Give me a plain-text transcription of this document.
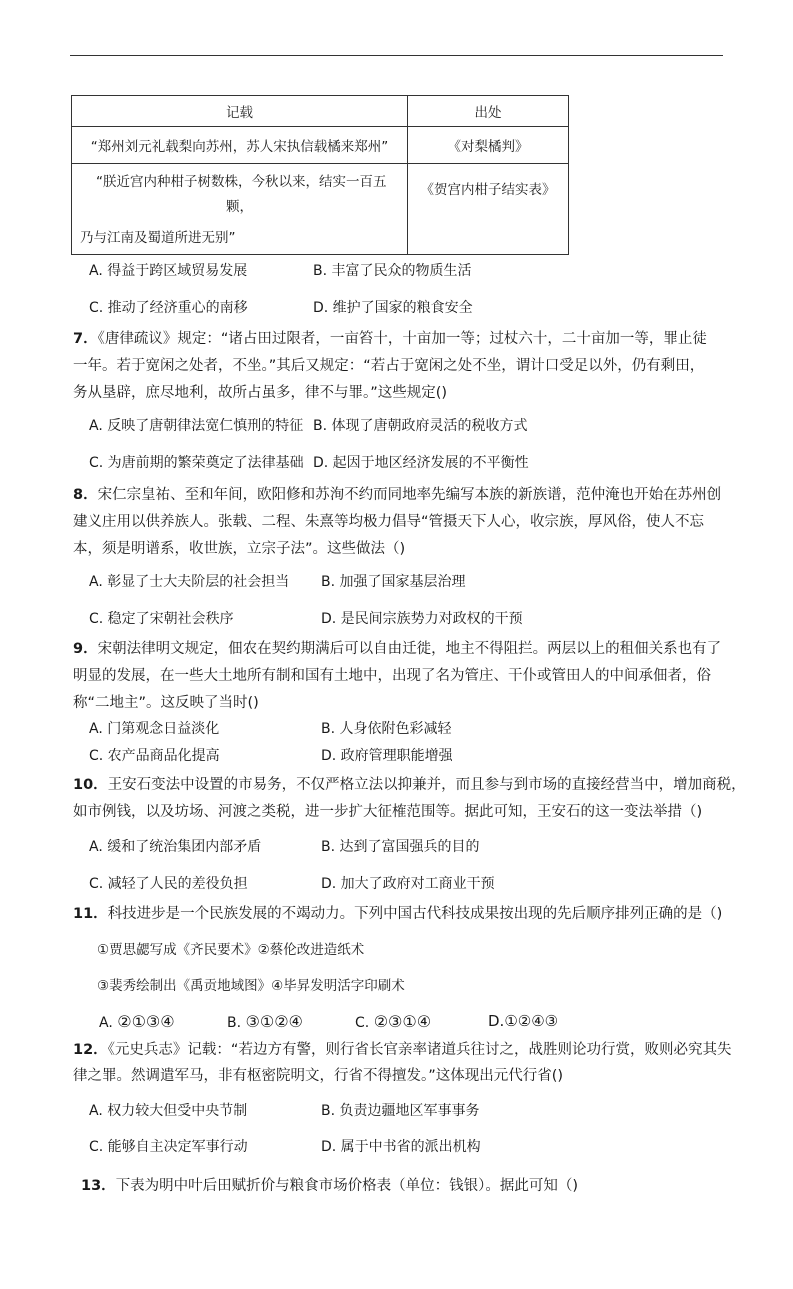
记载	出处
“郑州刘元礼载梨向苏州，苏人宋执信载橘来郑州”	《对梨橘判》

“朕近宫内种柑子树数株，今秋以来，结实一百五
颗，
乃与江南及蜀道所进无别”	《贺宫内柑子结实表》
A. 得益于跨区域贸易发展	B. 丰富了民众的物质生活
C. 推动了经济重心的南移	D. 维护了国家的粮食安全
7．《唐律疏议》规定：“诸占田过限者，一亩笞十，十亩加一等；过杖六十，二十亩加一等，罪止徒
一年。若于宽闲之处者，不坐。”其后又规定：“若占于宽闲之处不坐，谓计口受足以外，仍有剩田，
务从垦辟，庶尽地利，故所占虽多，律不与罪。”这些规定()
A. 反映了唐朝律法宽仁慎刑的特征 B. 体现了唐朝政府灵活的税收方式
C. 为唐前期的繁荣奠定了法律基础 D. 起因于地区经济发展的不平衡性
8．宋仁宗皇祐、至和年间，欧阳修和苏洵不约而同地率先编写本族的新族谱，范仲淹也开始在苏州创
建义庄用以供养族人。张载、二程、朱熹等均极力倡导“管摄天下人心，收宗族，厚风俗，使人不忘
本，须是明谱系，收世族，立宗子法”。这些做法（)
A. 彰显了士大夫阶层的社会担当 B. 加强了国家基层治理
C. 稳定了宋朝社会秩序	D. 是民间宗族势力对政权的干预
9．宋朝法律明文规定，佃农在契约期满后可以自由迁徙，地主不得阻拦。两层以上的租佃关系也有了
明显的发展，在一些大土地所有制和国有土地中，出现了名为管庄、干仆或管田人的中间承佃者，俗
称“二地主”。这反映了当时()
A. 门第观念日益淡化	B. 人身依附色彩减轻
C. 农产品商品化提高	D. 政府管理职能增强
10．王安石变法中设置的市易务，不仅严格立法以抑兼并，而且参与到市场的直接经营当中，增加商税，
如市例钱，以及坊场、河渡之类税，进一步扩大征榷范围等。据此可知，王安石的这一变法举措（)
A. 缓和了统治集团内部矛盾	B. 达到了富国强兵的目的
C. 减轻了人民的差役负担	D. 加大了政府对工商业干预
11．科技进步是一个民族发展的不竭动力。下列中国古代科技成果按出现的先后顺序排列正确的是（)
①贾思勰写成《齐民要术》②蔡伦改进造纸术
③裴秀绘制出《禹贡地域图》④毕昇发明活字印刷术
A. ②①③④	B. ③①②④	C. ②③①④	D.①②④③
12．《元史兵志》记载：“若边方有警，则行省长官亲率诸道兵往讨之，战胜则论功行赏，败则必究其失
律之罪。然调遣军马，非有枢密院明文，行省不得擅发。”这体现出元代行省()
A. 权力较大但受中央节制	B. 负责边疆地区军事事务
C. 能够自主决定军事行动	D. 属于中书省的派出机构
13．下表为明中叶后田赋折价与粮食市场价格表（单位：钱银）。据此可知（)
